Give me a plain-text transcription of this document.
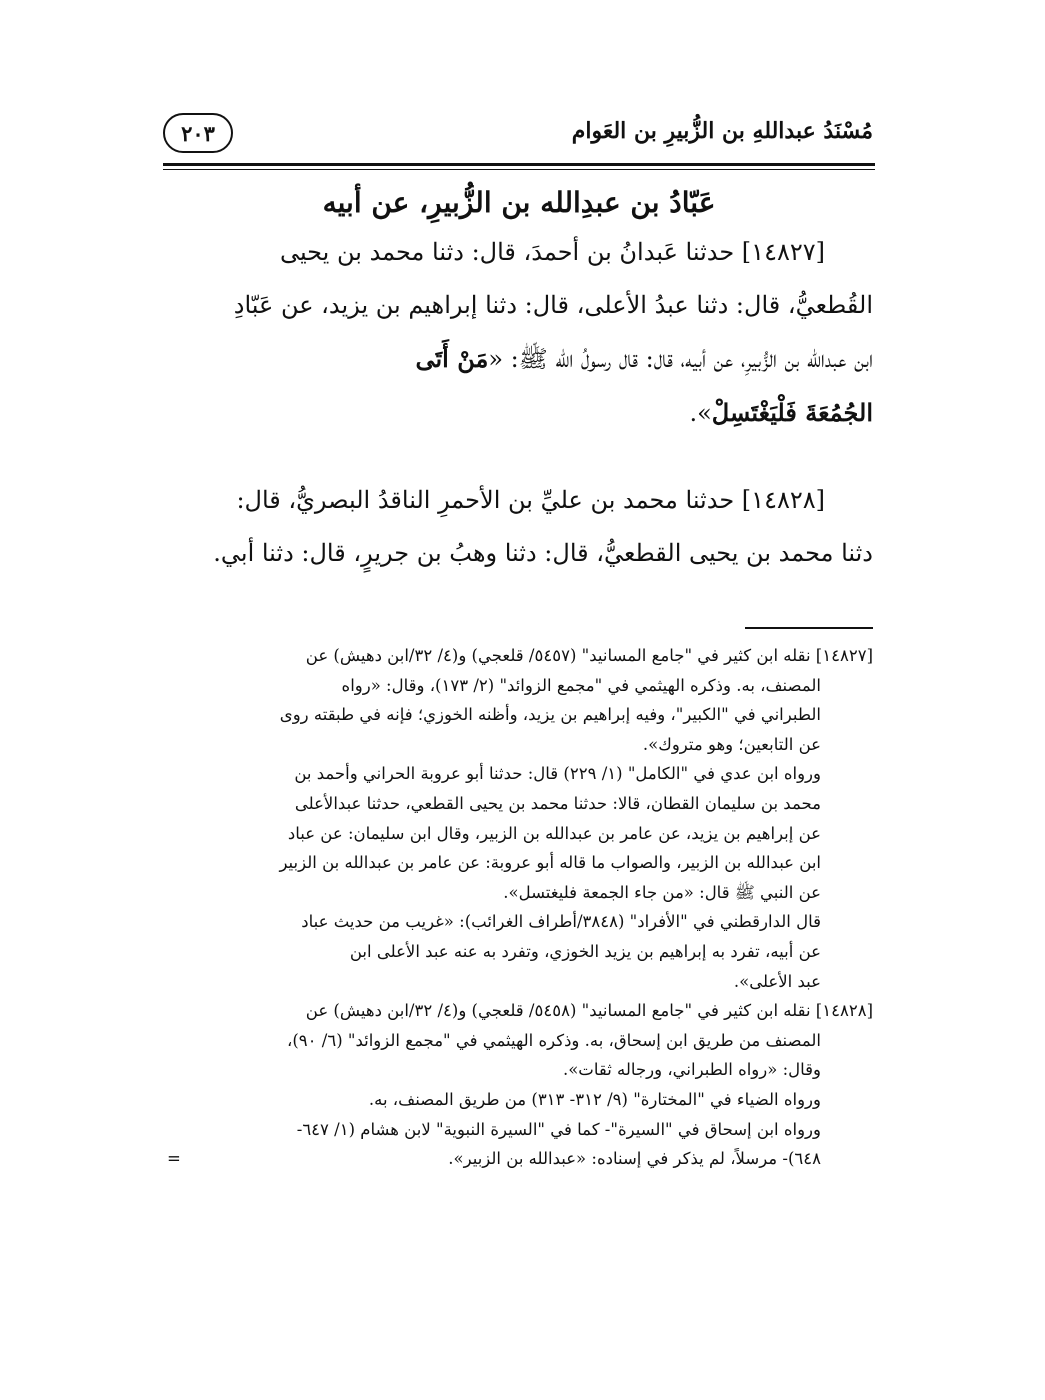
مُسْنَدُ عبداللهِ بن الزُّبيرِ بن العَوام
٢٠٣
عَبّادُ بن عبدِالله بن الزُّبيرِ، عن أبيه
[١٤٨٢٧] حدثنا عَبدانُ بن أحمدَ، قال: دثنا محمد بن يحيى
القُطعيُّ، قال: دثنا عبدُ الأعلى، قال: دثنا إبراهيم بن يزيد، عن عَبّادِ
ابن عبدالله بن الزُّبيرِ، عن أبيه، قال: قال رسولُ الله ﷺ: «مَنْ أَتَى
الجُمُعَةَ فَلْيَغْتَسِلْ».
[١٤٨٢٨] حدثنا محمد بن عليِّ بن الأحمرِ الناقدُ البصريُّ، قال:
دثنا محمد بن يحيى القطعيُّ، قال: دثنا وهبُ بن جريرٍ، قال: دثنا أبي.
[١٤٨٢٧] نقله ابن كثير في "جامع المسانيد" (٥٤٥٧/ قلعجي) و(٤/ ٣٢/ابن دهيش) عن
المصنف، به. وذكره الهيثمي في "مجمع الزوائد" (٢/ ١٧٣)، وقال: «رواه
الطبراني في "الكبير"، وفيه إبراهيم بن يزيد، وأظنه الخوزي؛ فإنه في طبقته روى
عن التابعين؛ وهو متروك».
ورواه ابن عدي في "الكامل" (١/ ٢٢٩) قال: حدثنا أبو عروبة الحراني وأحمد بن
محمد بن سليمان القطان، قالا: حدثنا محمد بن يحيى القطعي، حدثنا عبدالأعلى
عن إبراهيم بن يزيد، عن عامر بن عبدالله بن الزبير، وقال ابن سليمان: عن عباد
ابن عبدالله بن الزبير، والصواب ما قاله أبو عروبة: عن عامر بن عبدالله بن الزبير
عن النبي ﷺ قال: «من جاء الجمعة فليغتسل».
قال الدارقطني في "الأفراد" (٣٨٤٨/أطراف الغرائب): «غريب من حديث عباد
عن أبيه، تفرد به إبراهيم بن يزيد الخوزي، وتفرد به عنه عبد الأعلى ابن
عبد الأعلى».
[١٤٨٢٨] نقله ابن كثير في "جامع المسانيد" (٥٤٥٨/ قلعجي) و(٤/ ٣٢/ابن دهيش) عن
المصنف من طريق ابن إسحاق، به. وذكره الهيثمي في "مجمع الزوائد" (٦/ ٩٠)،
وقال: «رواه الطبراني، ورجاله ثقات».
ورواه الضياء في "المختارة" (٩/ ٣١٢- ٣١٣) من طريق المصنف، به.
ورواه ابن إسحاق في "السيرة"- كما في "السيرة النبوية" لابن هشام (١/ ٦٤٧-
٦٤٨)- مرسلاً، لم يذكر في إسناده: «عبدالله بن الزبير».
=
